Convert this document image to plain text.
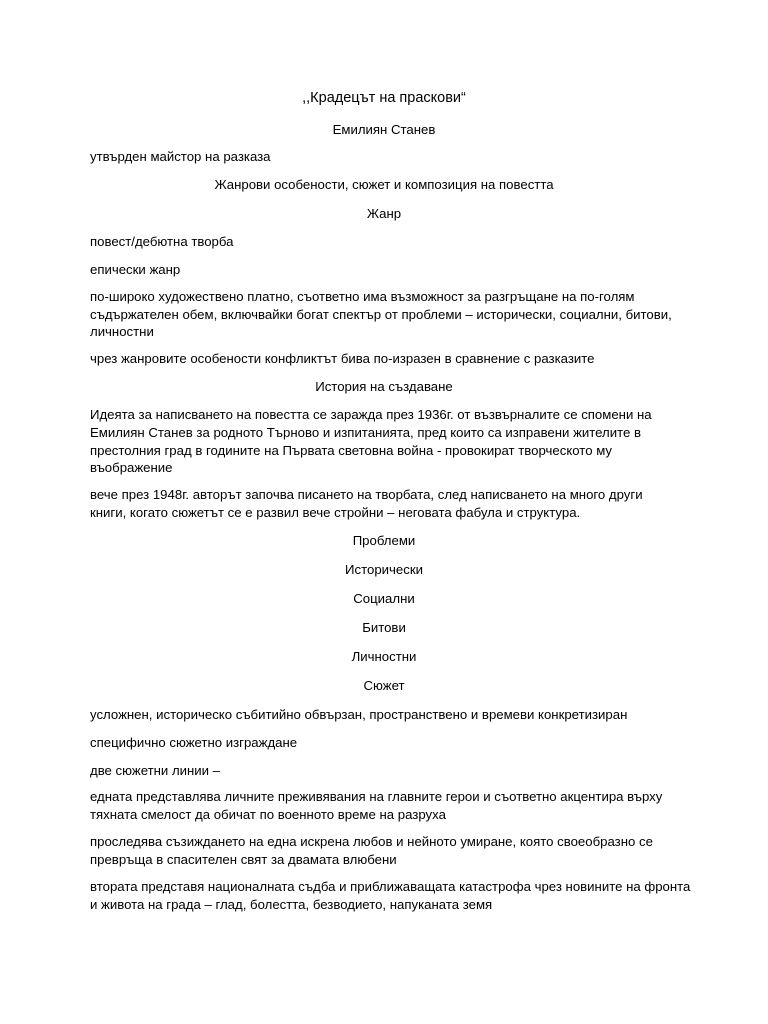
,,Крадецът на праскови“
Емилиян Станев
утвърден майстор на разказа
Жанрови особености, сюжет и композиция на повестта
Жанр
повест/дебютна творба
епически жанр
по-широко художествено платно, съответно има възможност за разгръщане на по-голям
съдържателен обем, включвайки богат спектър от проблеми – исторически, социални, битови,
личностни
чрез жанровите особености конфликтът бива по-изразен в сравнение с разказите
История на създаване
Идеята за написването на повестта се заражда през 1936г. от възвърналите се спомени на
Емилиян Станев за родното Търново и изпитанията, пред които са изправени жителите в
престолния град в годините на Първата световна война - провокират творческото му
въображение
вече през 1948г. авторът започва писането на творбата, след написването на много други
книги, когато сюжетът се е развил вече стройни – неговата фабула и структура.
Проблеми
Исторически
Социални
Битови
Личностни
Сюжет
усложнен, историческо събитийно обвързан, пространствено и времеви конкретизиран
специфично сюжетно изграждане
две сюжетни линии –
едната представлява личните преживявания на главните герои и съответно акцентира върху
тяхната смелост да обичат по военното време на разруха
проследява съзиждането на една искрена любов и нейното умиране, която своеобразно се
превръща в спасителен свят за двамата влюбени
втората представя националната съдба и приближаващата катастрофа чрез новините на фронта
и живота на града – глад, болестта, безводието, напуканата земя
